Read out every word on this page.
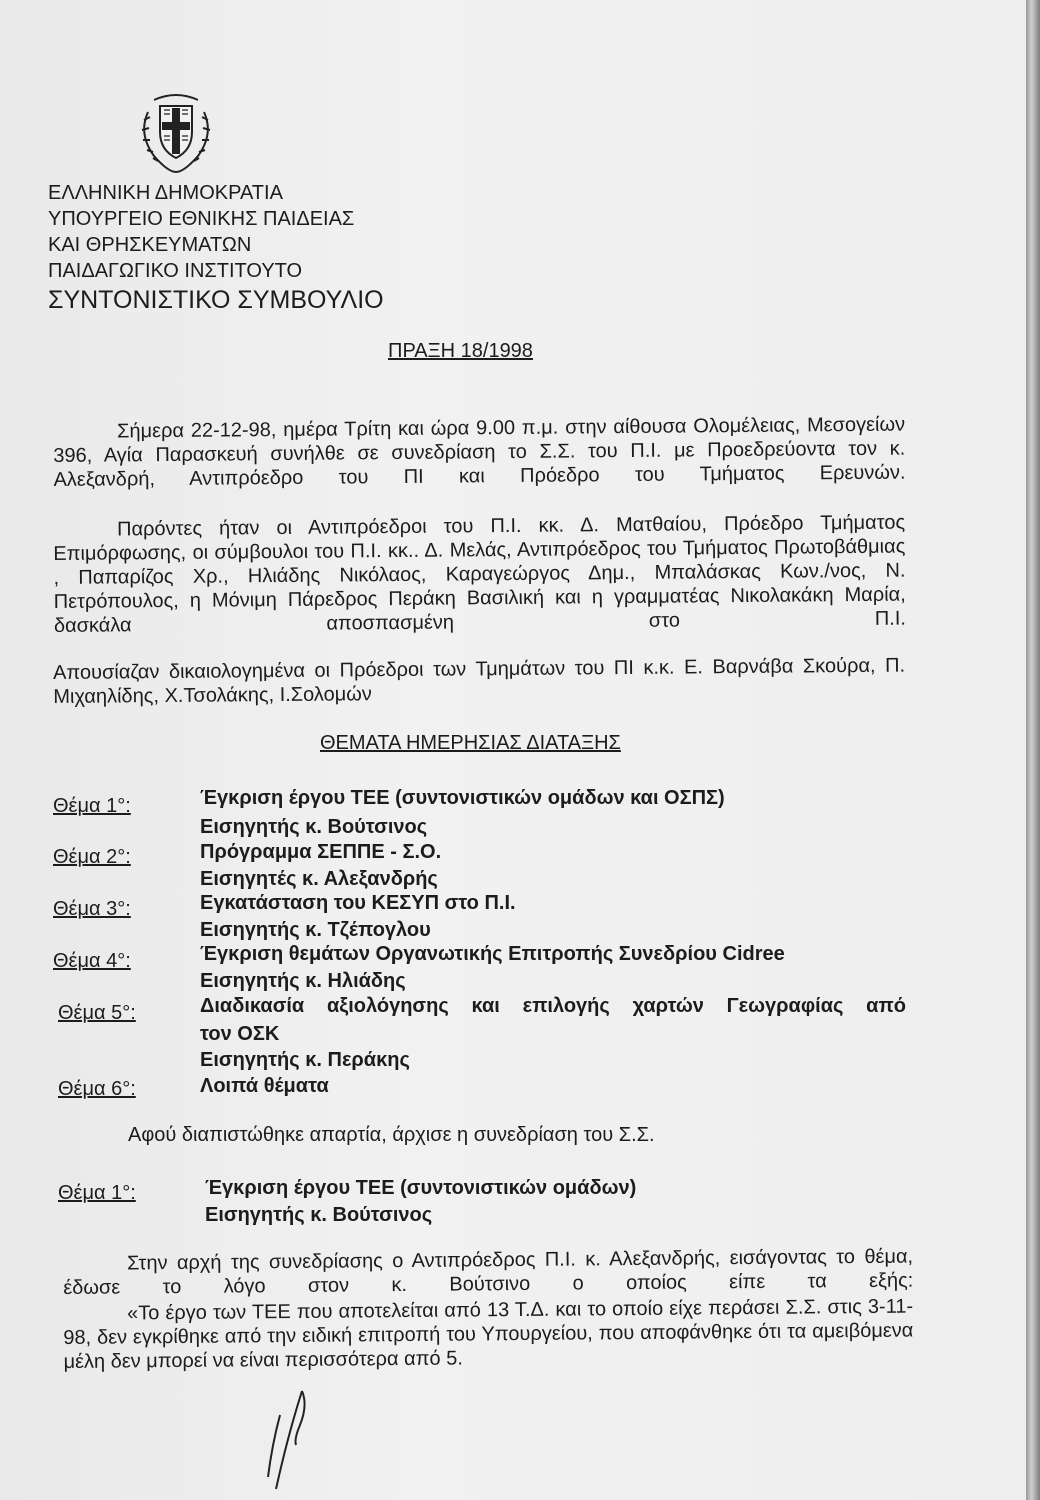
ΕΛΛΗΝΙΚΗ ΔΗΜΟΚΡΑΤΙΑ
ΥΠΟΥΡΓΕΙΟ ΕΘΝΙΚΗΣ ΠΑΙΔΕΙΑΣ
ΚΑΙ ΘΡΗΣΚΕΥΜΑΤΩΝ
ΠΑΙΔΑΓΩΓΙΚΟ ΙΝΣΤΙΤΟΥΤΟ
ΣΥΝΤΟΝΙΣΤΙΚΟ ΣΥΜΒΟΥΛΙΟ
ΠΡΑΞΗ 18/1998
Σήμερα 22-12-98, ημέρα Τρίτη και ώρα 9.00 π.μ. στην αίθουσα Ολομέλειας, Μεσογείων 396, Αγία Παρασκευή συνήλθε σε συνεδρίαση το Σ.Σ. του Π.Ι. με Προεδρεύοντα τον κ. Αλεξανδρή, Αντιπρόεδρο του ΠΙ και Πρόεδρο του Τμήματος Ερευνών.
Παρόντες ήταν οι Αντιπρόεδροι του Π.Ι. κκ. Δ. Ματθαίου, Πρόεδρο Τμήματος Επιμόρφωσης, οι σύμβουλοι του Π.Ι. κκ.. Δ. Μελάς, Αντιπρόεδρος του Τμήματος Πρωτοβάθμιας , Παπαρίζος Χρ., Ηλιάδης Νικόλαος, Καραγεώργος Δημ., Μπαλάσκας Κων./νος, Ν. Πετρόπουλος, η Μόνιμη Πάρεδρος Περάκη Βασιλική και η γραμματέας Νικολακάκη Μαρία, δασκάλα αποσπασμένη στο Π.Ι.
Απουσίαζαν δικαιολογημένα οι Πρόεδροι των Τμημάτων του ΠΙ κ.κ. Ε. Βαρνάβα Σκούρα, Π. Μιχαηλίδης, Χ.Τσολάκης, Ι.Σολομών
ΘΕΜΑΤΑ ΗΜΕΡΗΣΙΑΣ ΔΙΑΤΑΞΗΣ
Θέμα 1°:	Έγκριση έργου ΤΕΕ (συντονιστικών ομάδων και ΟΣΠΣ)
Εισηγητής κ. Βούτσινος
Θέμα 2°:	Πρόγραμμα ΣΕΠΠΕ - Σ.Ο.
Εισηγητές κ. Αλεξανδρής
Θέμα 3°:	Εγκατάσταση του ΚΕΣΥΠ στο Π.Ι.
Εισηγητής κ. Τζέπογλου
Θέμα 4°:	Έγκριση θεμάτων Οργανωτικής Επιτροπής Συνεδρίου Cidree
Εισηγητής κ. Ηλιάδης
Θέμα 5°:	Διαδικασία αξιολόγησης και επιλογής χαρτών Γεωγραφίας από
τον ΟΣΚ
Εισηγητής κ. Περάκης
Θέμα 6°:	Λοιπά θέματα
Αφού διαπιστώθηκε απαρτία, άρχισε η συνεδρίαση του Σ.Σ.
Θέμα 1°:	Έγκριση έργου ΤΕΕ (συντονιστικών ομάδων)
Εισηγητής κ. Βούτσινος
Στην αρχή της συνεδρίασης ο Αντιπρόεδρος Π.Ι. κ. Αλεξανδρής, εισάγοντας το θέμα, έδωσε το λόγο στον κ. Βούτσινο ο οποίος είπε τα εξής:
«Το έργο των ΤΕΕ που αποτελείται από 13 Τ.Δ. και το οποίο είχε περάσει Σ.Σ. στις 3-11-98, δεν εγκρίθηκε από την ειδική επιτροπή του Υπουργείου, που αποφάνθηκε ότι τα αμειβόμενα μέλη δεν μπορεί να είναι περισσότερα από 5.
